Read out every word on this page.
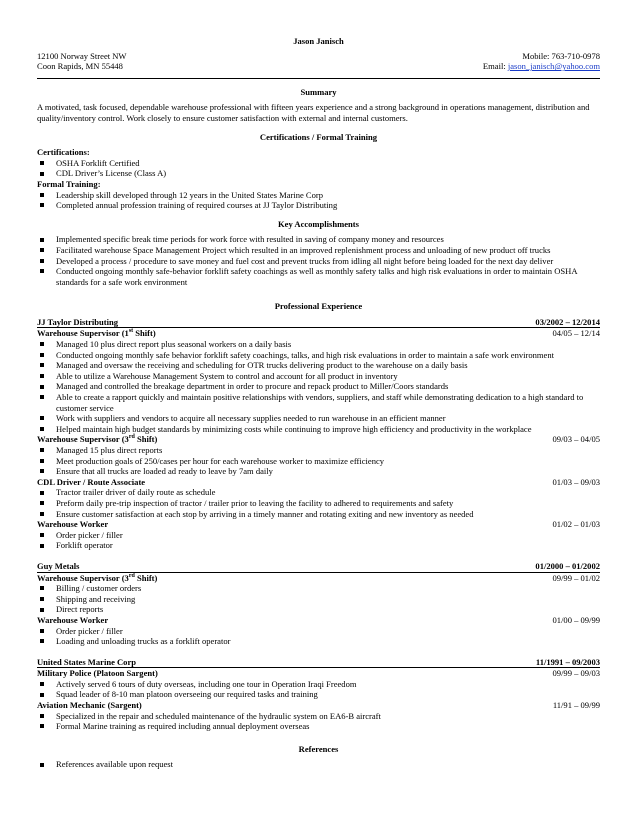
Jason Janisch
12100 Norway Street NW	Mobile: 763-710-0978
Coon Rapids, MN 55448	Email: jason_janisch@yahoo.com
Summary

A motivated, task focused, dependable warehouse professional with fifteen years experience and a strong background in operations management, distribution and quality/inventory control. Work closely to ensure customer satisfaction with external and internal customers.

Certifications / Formal Training
Certifications:
OSHA Forklift Certified
CDL Driver’s License (Class A)
Formal Training:
Leadership skill developed through 12 years in the United States Marine Corp
Completed annual profession training of required courses at JJ Taylor Distributing
Key Accomplishments
Implemented specific break time periods for work force with resulted in saving of company money and resources
Facilitated warehouse Space Management Project which resulted in an improved replenishment process and unloading of new product off trucks
Developed a process / procedure to save money and fuel cost and prevent trucks from idling all night before being loaded for the next day deliver
Conducted ongoing monthly safe-behavior forklift safety coachings as well as monthly safety talks and high risk evaluations in order to maintain OSHA standards for a safe work environment
Professional Experience
JJ Taylor Distributing	03/2002 – 12/2014
Warehouse Supervisor (1st Shift)	04/05 – 12/14
Managed 10 plus direct report plus seasonal workers on a daily basis
Conducted ongoing monthly safe behavior forklift safety coachings, talks, and high risk evaluations in order to maintain a safe work environment
Managed and oversaw the receiving and scheduling for OTR trucks delivering product to the warehouse on a daily basis
Able to utilize a Warehouse Management System to control and account for all product in inventory
Managed and controlled the breakage department in order to procure and repack product to Miller/Coors standards
Able to create a rapport quickly and maintain positive relationships with vendors, suppliers, and staff while demonstrating dedication to a high standard to customer service
Work with suppliers and vendors to acquire all necessary supplies needed to run warehouse in an efficient manner
Helped maintain high budget standards by minimizing costs while continuing to improve high efficiency and productivity in the workplace
Warehouse Supervisor (3rd Shift)	09/03 – 04/05
Managed 15 plus direct reports
Meet production goals of 250/cases per hour for each warehouse worker to maximize efficiency
Ensure that all trucks are loaded ad ready to leave by 7am daily
CDL Driver / Route Associate	01/03 – 09/03
Tractor trailer driver of daily route as schedule
Preform daily pre-trip inspection of tractor / trailer prior to leaving the facility to adhered to requirements and safety
Ensure customer satisfaction at each stop by arriving in a timely manner and rotating exiting and new inventory as needed
Warehouse Worker	01/02 – 01/03
Order picker / filler
Forklift operator
Guy Metals	01/2000 – 01/2002
Warehouse Supervisor (3rd Shift)	09/99 – 01/02
Billing / customer orders
Shipping and receiving
Direct reports
Warehouse Worker	01/00 – 09/99
Order picker / filler
Loading and unloading trucks as a forklift operator
United States Marine Corp	11/1991 – 09/2003
Military Police (Platoon Sargent)	09/99 – 09/03
Actively served 6 tours of duty overseas, including one tour in Operation Iraqi Freedom
Squad leader of 8-10 man platoon overseeing our required tasks and training
Aviation Mechanic (Sargent)	11/91 – 09/99
Specialized in the repair and scheduled maintenance of the hydraulic system on EA6-B aircraft
Formal Marine training as required including annual deployment overseas
References
References available upon request
